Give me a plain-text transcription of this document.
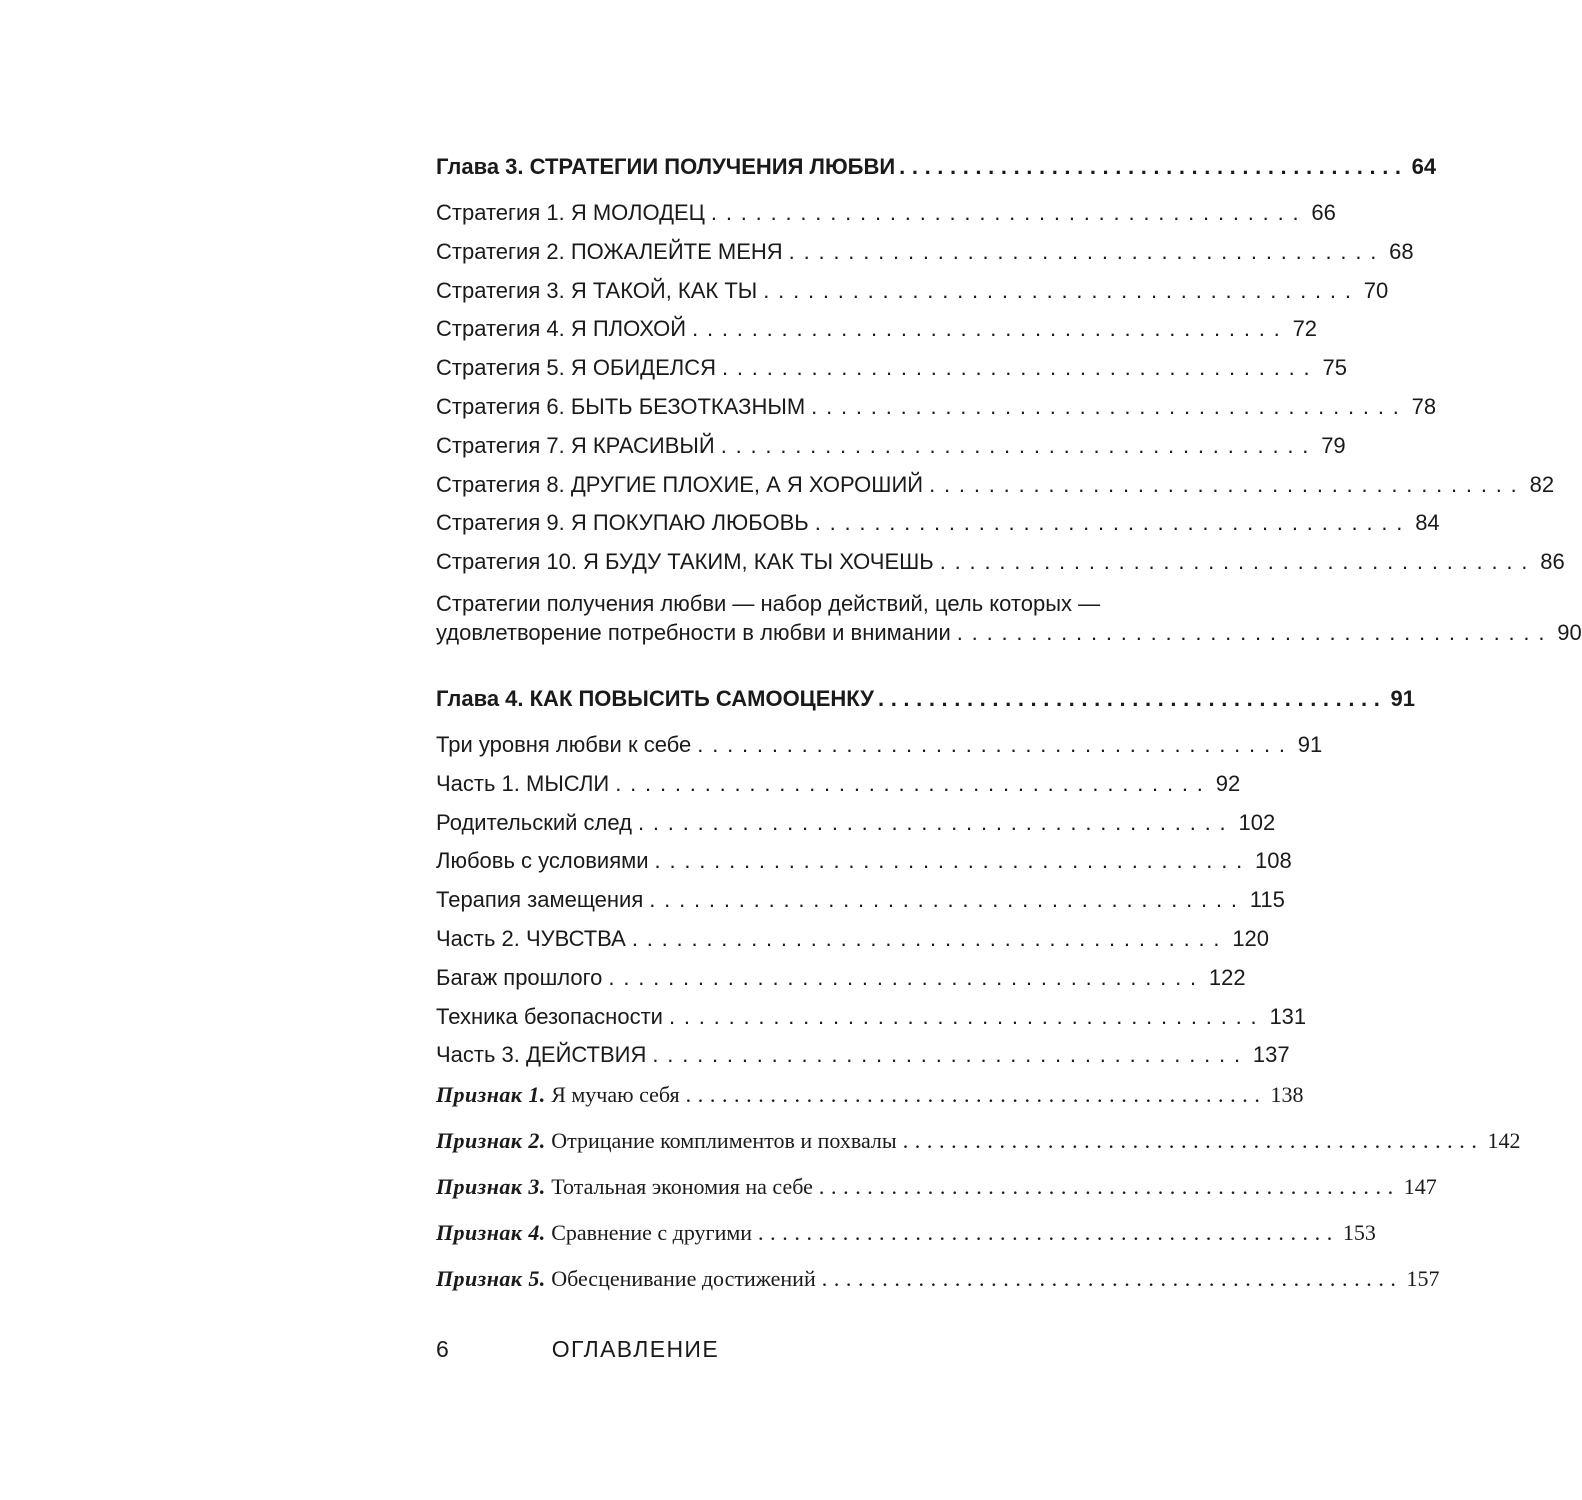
Глава 3. СТРАТЕГИИ ПОЛУЧЕНИЯ ЛЮБВИ ........................................ 64
Стратегия 1. Я МОЛОДЕЦ ........................................ 66
Стратегия 2. ПОЖАЛЕЙТЕ МЕНЯ ........................................ 68
Стратегия 3. Я ТАКОЙ, КАК ТЫ ........................................ 70
Стратегия 4. Я ПЛОХОЙ ........................................ 72
Стратегия 5. Я ОБИДЕЛСЯ ........................................ 75
Стратегия 6. БЫТЬ БЕЗОТКАЗНЫМ ........................................ 78
Стратегия 7. Я КРАСИВЫЙ ........................................ 79
Стратегия 8. ДРУГИЕ ПЛОХИЕ, А Я ХОРОШИЙ ........................................ 82
Стратегия 9. Я ПОКУПАЮ ЛЮБОВЬ ........................................ 84
Стратегия 10. Я БУДУ ТАКИМ, КАК ТЫ ХОЧЕШЬ ........................................ 86
Стратегии получения любви — набор действий, цель которых —
удовлетворение потребности в любви и внимании ........................................ 90
Глава 4. КАК ПОВЫСИТЬ САМООЦЕНКУ ........................................ 91
Три уровня любви к себе ........................................ 91
Часть 1. МЫСЛИ ........................................ 92
Родительский след ........................................ 102
Любовь с условиями ........................................ 108
Терапия замещения ........................................ 115
Часть 2. ЧУВСТВА ........................................ 120
Багаж прошлого ........................................ 122
Техника безопасности ........................................ 131
Часть 3. ДЕЙСТВИЯ ........................................ 137
Признак 1. Я мучаю себя ................................................ 138
Признак 2. Отрицание комплиментов и похвалы ................................................ 142
Признак 3. Тотальная экономия на себе ................................................ 147
Признак 4. Сравнение с другими ................................................ 153
Признак 5. Обесценивание достижений ................................................ 157
6	ОГЛАВЛЕНИЕ
